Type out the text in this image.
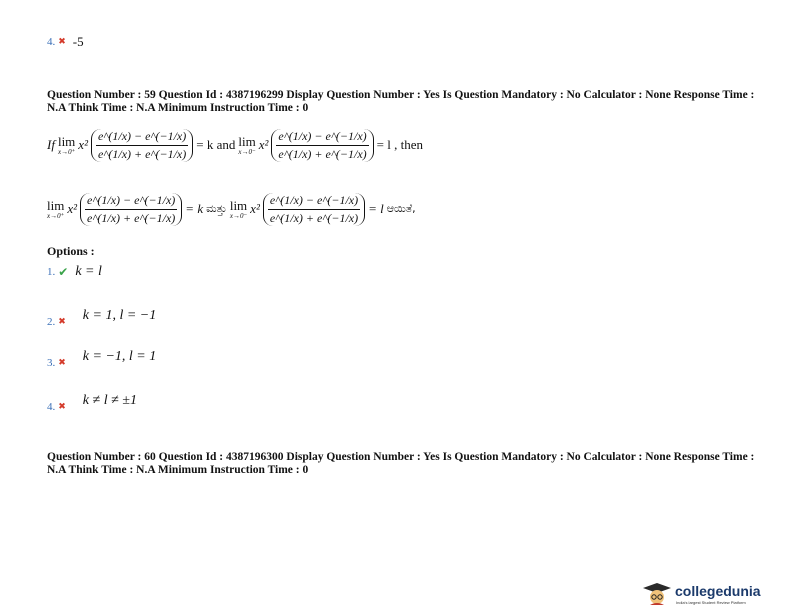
4. ✖ -5
Question Number : 59 Question Id : 4387196299 Display Question Number : Yes Is Question Mandatory : No Calculator : None Response Time : N.A Think Time : N.A Minimum Instruction Time : 0
If lim
x→0⁺ $x^2 \frac{e\^{}(1/x) - e\^{}(-1/x)}{e\^{}(1/x) + e\^{}(-1/x)} = k$ and lim
x→0⁻ $x^2 \frac{e\^{}(1/x) - e\^{}(-1/x)}{e\^{}(1/x) + e\^{}(-1/x)} = l$ , then
lim
x→0⁺ $x^2 \frac{e\^{}(1/x) - e\^{}(-1/x)}{e\^{}(1/x) + e\^{}(-1/x)} = k$ ಮತ್ತು lim
x→0⁻ $x^2 \frac{e\^{}(1/x) - e\^{}(-1/x)}{e\^{}(1/x) + e\^{}(-1/x)} = l$ ಆಯಿತೆ,
Options :
1. ✔ k = l
2. ✖ k = 1, l = −1
3. ✖ k = −1, l = 1
4. ✖ k ≠ l ≠ ±1
Question Number : 60 Question Id : 4387196300 Display Question Number : Yes Is Question Mandatory : No Calculator : None Response Time : N.A Think Time : N.A Minimum Instruction Time : 0
collegedunia
India's largest Student Review Platform
